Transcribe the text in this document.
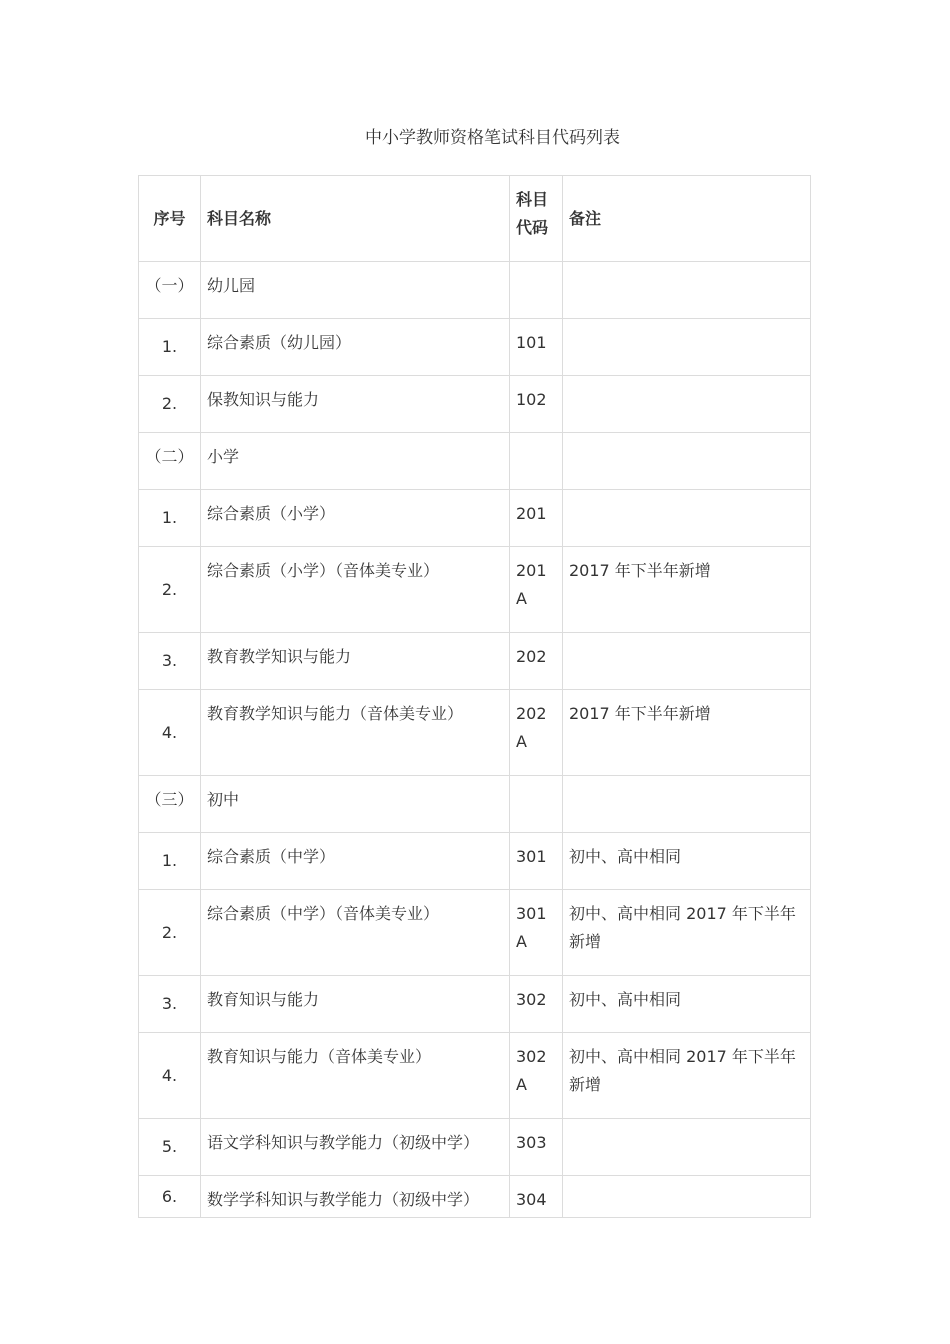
中小学教师资格笔试科目代码列表
序号	科目名称	科目代码	备注
（一）	幼儿园		
1.	综合素质（幼儿园）	101	
2.	保教知识与能力	102	
（二）	小学		
1.	综合素质（小学）	201	
2.	综合素质（小学）（音体美专业）	201A	2017 年下半年新增
3.	教育教学知识与能力	202	
4.	教育教学知识与能力（音体美专业）	202A	2017 年下半年新增
（三）	初中		
1.	综合素质（中学）	301	初中、高中相同
2.	综合素质（中学）（音体美专业）	301A	初中、高中相同 2017 年下半年新增
3.	教育知识与能力	302	初中、高中相同
4.	教育知识与能力（音体美专业）	302A	初中、高中相同 2017 年下半年新增
5.	语文学科知识与教学能力（初级中学）	303	
6.	数学学科知识与教学能力（初级中学）	304	
